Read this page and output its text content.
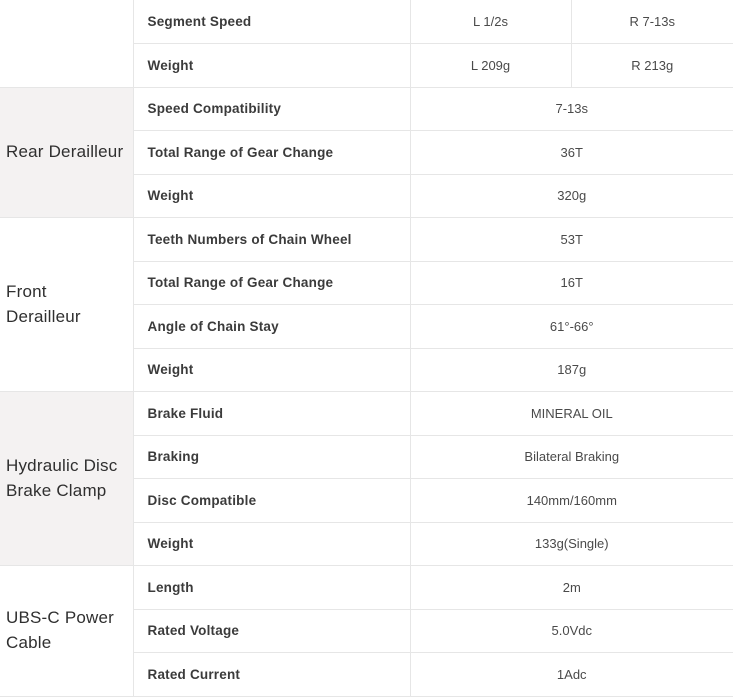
	Segment Speed	L 1/2s	R 7-13s
	Weight	L 209g	R 213g
Rear Derailleur	Speed Compatibility	7-13s	
	Total Range of Gear Change	36T	
	Weight	320g	
Front Derailleur	Teeth Numbers of Chain Wheel	53T	
	Total Range of Gear Change	16T	
	Angle of Chain Stay	61°-66°	
	Weight	187g	
Hydraulic Disc Brake Clamp	Brake Fluid	MINERAL OIL	
	Braking	Bilateral Braking	
	Disc Compatible	140mm/160mm	
	Weight	133g(Single)	
UBS-C Power Cable	Length	2m	
	Rated Voltage	5.0Vdc	
	Rated Current	1Adc	
